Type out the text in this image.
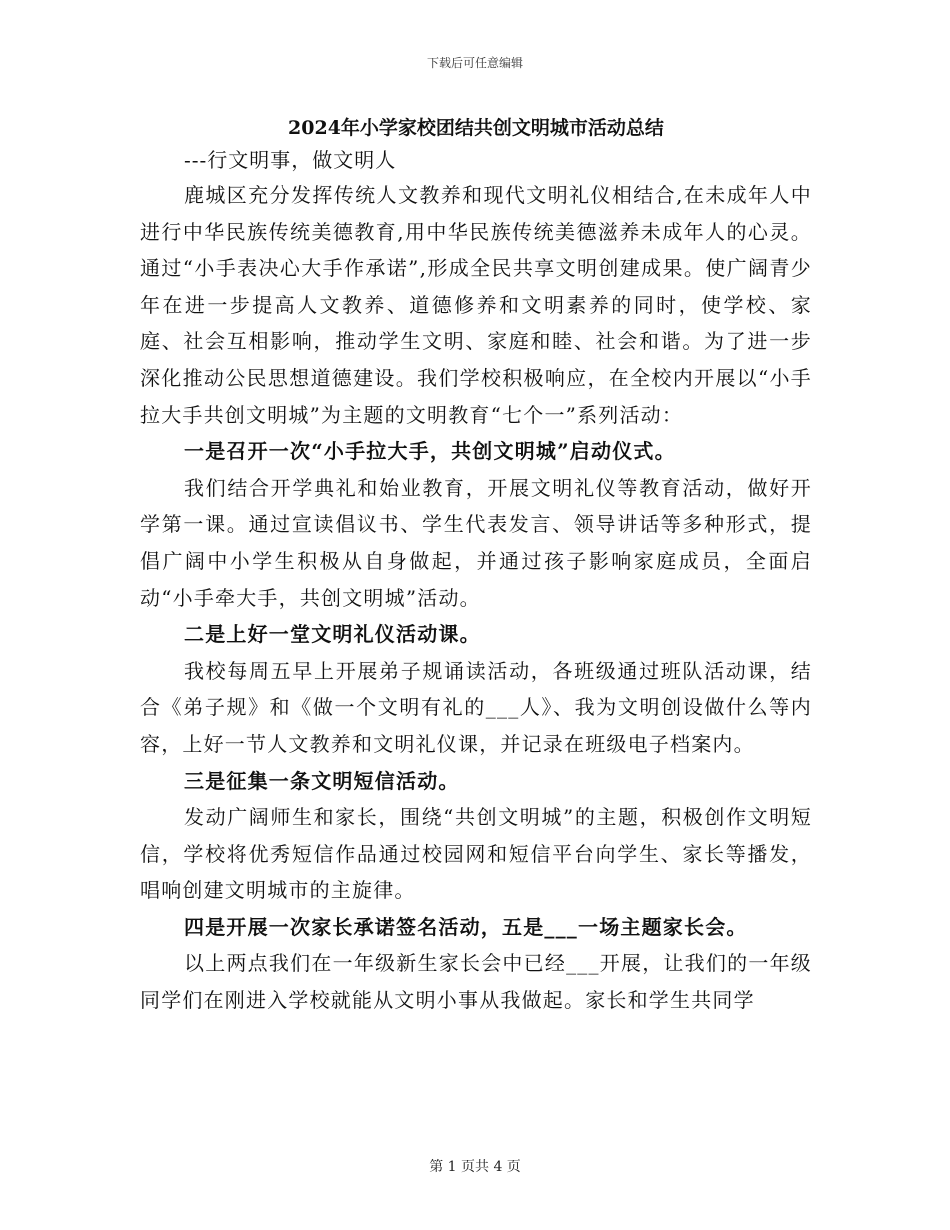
下载后可任意编辑
2024年小学家校团结共创文明城市活动总结

---行文明事，做文明人

鹿城区充分发挥传统人文教养和现代文明礼仪相结合,在未成年人中进行中华民族传统美德教育,用中华民族传统美德滋养未成年人的心灵。通过“小手表决心大手作承诺”,形成全民共享文明创建成果。使广阔青少年在进一步提高人文教养、道德修养和文明素养的同时，使学校、家庭、社会互相影响，推动学生文明、家庭和睦、社会和谐。为了进一步深化推动公民思想道德建设。我们学校积极响应，在全校内开展以“小手拉大手共创文明城”为主题的文明教育“七个一”系列活动：

一是召开一次“小手拉大手，共创文明城”启动仪式。

我们结合开学典礼和始业教育，开展文明礼仪等教育活动，做好开学第一课。通过宣读倡议书、学生代表发言、领导讲话等多种形式，提倡广阔中小学生积极从自身做起，并通过孩子影响家庭成员，全面启动“小手牵大手，共创文明城”活动。

二是上好一堂文明礼仪活动课。

我校每周五早上开展弟子规诵读活动，各班级通过班队活动课，结合《弟子规》和《做一个文明有礼的___人》、我为文明创设做什么等内容，上好一节人文教养和文明礼仪课，并记录在班级电子档案内。

三是征集一条文明短信活动。

发动广阔师生和家长，围绕“共创文明城”的主题，积极创作文明短信，学校将优秀短信作品通过校园网和短信平台向学生、家长等播发，唱响创建文明城市的主旋律。

四是开展一次家长承诺签名活动，五是___一场主题家长会。

以上两点我们在一年级新生家长会中已经___开展，让我们的一年级同学们在刚进入学校就能从文明小事从我做起。家长和学生共同学

第 1 页共 4 页
